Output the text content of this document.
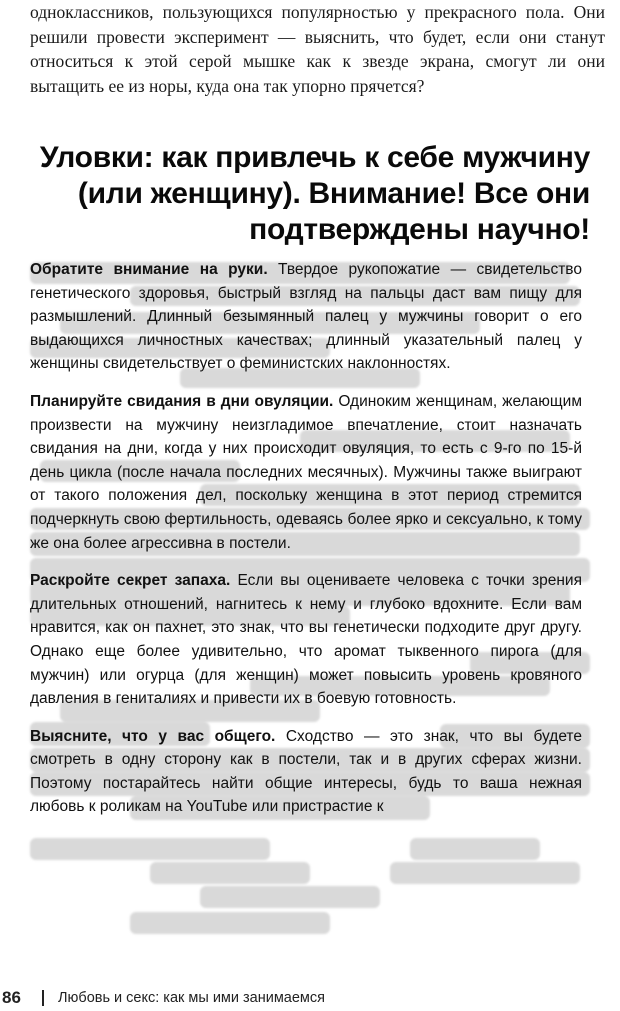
одноклассников, пользующихся популярностью у прекрасного пола. Они решили провести эксперимент — выяснить, что будет, если они станут относиться к этой серой мышке как к звезде экрана, смогут ли они вытащить ее из норы, куда она так упорно прячется?
Уловки: как привлечь к себе мужчину (или женщину). Внимание! Все они подтверждены научно!

Обратите внимание на руки. Твердое рукопожатие — свидетельство генетического здоровья, быстрый взгляд на пальцы даст вам пищу для размышлений. Длинный безымянный палец у мужчины говорит о его выдающихся личностных качествах; длинный указательный палец у женщины свидетельствует о феминистских наклонностях.

Планируйте свидания в дни овуляции. Одиноким женщинам, желающим произвести на мужчину неизгладимое впечатление, стоит назначать свидания на дни, когда у них происходит овуляция, то есть с 9-го по 15-й день цикла (после начала последних месячных). Мужчины также выиграют от такого положения дел, поскольку женщина в этот период стремится подчеркнуть свою фертильность, одеваясь более ярко и сексуально, к тому же она более агрессивна в постели.

Раскройте секрет запаха. Если вы оцениваете человека с точки зрения длительных отношений, нагнитесь к нему и глубоко вдохните. Если вам нравится, как он пахнет, это знак, что вы генетически подходите друг другу. Однако еще более удивительно, что аромат тыквенного пирога (для мужчин) или огурца (для женщин) может повысить уровень кровяного давления в гениталиях и привести их в боевую готовность.

Выясните, что у вас общего. Сходство — это знак, что вы будете смотреть в одну сторону как в постели, так и в других сферах жизни. Поэтому постарайтесь найти общие интересы, будь то ваша нежная любовь к роликам на YouTube или пристрастие к

86	Любовь и секс: как мы ими занимаемся
